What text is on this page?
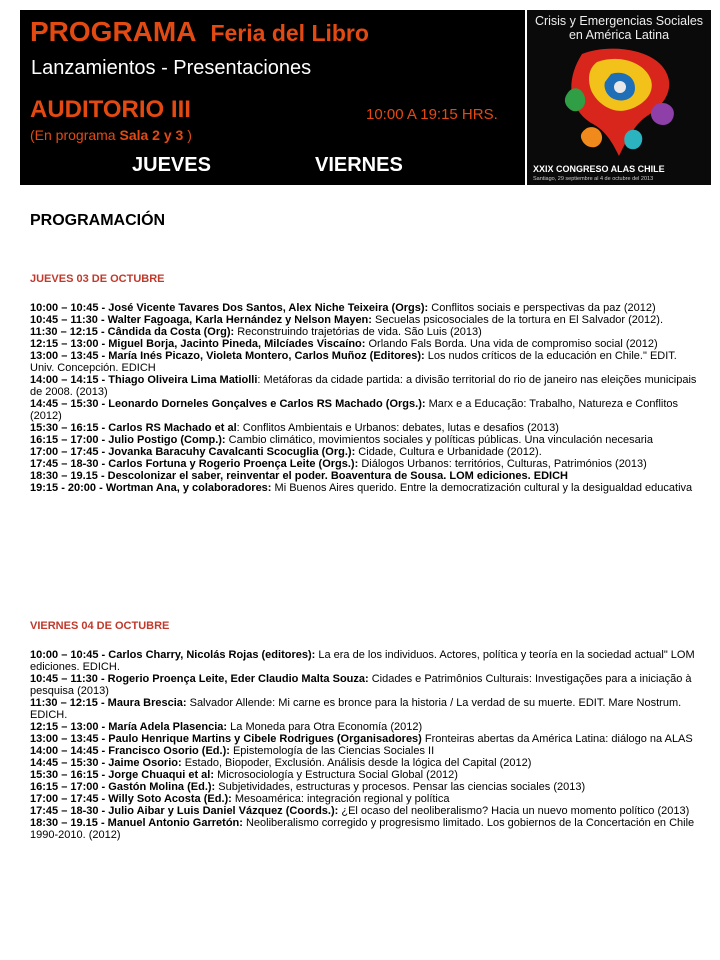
PROGRAMA Feria del Libro
Lanzamientos - Presentaciones
AUDITORIO III	10:00 A 19:15 HRS.
(En programa Sala 2 y 3 )
JUEVES	VIERNES
Crisis y Emergencias Sociales
en América Latina
XXIX CONGRESO ALAS CHILE
Santiago, 29 septiembre al 4 de octubre del 2013
PROGRAMACIÓN
JUEVES 03 DE OCTUBRE
10:00 – 10:45 - José Vicente Tavares Dos Santos, Alex Niche Teixeira (Orgs): Conflitos sociais e perspectivas da paz (2012)
10:45 – 11:30 - Walter Fagoaga, Karla Hernández y Nelson Mayen: Secuelas psicosociales de la tortura en El Salvador (2012).
11:30 – 12:15 - Cândida da Costa (Org): Reconstruindo trajetórias de vida. São Luis (2013)
12:15 – 13:00 - Miguel Borja, Jacinto Pineda, Milcíades Viscaíno: Orlando Fals Borda. Una vida de compromiso social (2012)
13:00 – 13:45 - María Inés Picazo, Violeta Montero, Carlos Muñoz (Editores): Los nudos críticos de la educación en Chile." EDIT. Univ. Concepción. EDICH
14:00 – 14:15 - Thiago Oliveira Lima Matiolli: Metáforas da cidade partida: a divisão territorial do rio de janeiro nas eleições municipais de 2008. (2013)
14:45 – 15:30 - Leonardo Dorneles Gonçalves e Carlos RS Machado (Orgs.): Marx e a Educação: Trabalho, Natureza e Conflitos (2012)
15:30 – 16:15 - Carlos RS Machado et al: Conflitos Ambientais e Urbanos: debates, lutas e desafios (2013)
16:15 – 17:00 - Julio Postigo (Comp.): Cambio climático, movimientos sociales y políticas públicas. Una vinculación necesaria
17:00 – 17:45 - Jovanka Baracuhy Cavalcanti Scocuglia (Org.): Cidade, Cultura e Urbanidade (2012).
17:45 – 18-30 - Carlos Fortuna y Rogerio Proença Leite (Orgs.): Diálogos Urbanos: territórios, Culturas, Patrimónios (2013)
18:30 – 19.15 - Descolonizar el saber, reinventar el poder. Boaventura de Sousa. LOM ediciones. EDICH
19:15 - 20:00 - Wortman Ana, y colaboradores: Mi Buenos Aires querido. Entre la democratización cultural y la desigualdad educativa
VIERNES 04 DE OCTUBRE
10:00 – 10:45 - Carlos Charry, Nicolás Rojas (editores): La era de los individuos. Actores, política y teoría en la sociedad actual" LOM ediciones. EDICH.
10:45 – 11:30 - Rogerio Proença Leite, Eder Claudio Malta Souza: Cidades e Patrimônios Culturais: Investigações para a iniciação à pesquisa (2013)
11:30 – 12:15 - Maura Brescia: Salvador Allende: Mi carne es bronce para la historia / La verdad de su muerte. EDIT. Mare Nostrum. EDICH.
12:15 – 13:00 - María Adela Plasencia: La Moneda para Otra Economía (2012)
13:00 – 13:45 - Paulo Henrique Martins y Cibele Rodrigues (Organisadores) Fronteiras abertas da América Latina: diálogo na ALAS
14:00 – 14:45 - Francisco Osorio (Ed.): Epistemología de las Ciencias Sociales II
14:45 – 15:30 - Jaime Osorio: Estado, Biopoder, Exclusión. Análisis desde la lógica del Capital (2012)
15:30 – 16:15 - Jorge Chuaqui et al: Microsociología y Estructura Social Global (2012)
16:15 – 17:00 - Gastón Molina (Ed.): Subjetividades, estructuras y procesos. Pensar las ciencias sociales (2013)
17:00 – 17:45 - Willy Soto Acosta (Ed.): Mesoamérica: integración regional y política
17:45 – 18-30 - Julio Aibar y Luis Daniel Vázquez (Coords.): ¿El ocaso del neoliberalismo? Hacia un nuevo momento político (2013)
18:30 – 19.15 - Manuel Antonio Garretón: Neoliberalismo corregido y progresismo limitado. Los gobiernos de la Concertación en Chile 1990-2010. (2012)
